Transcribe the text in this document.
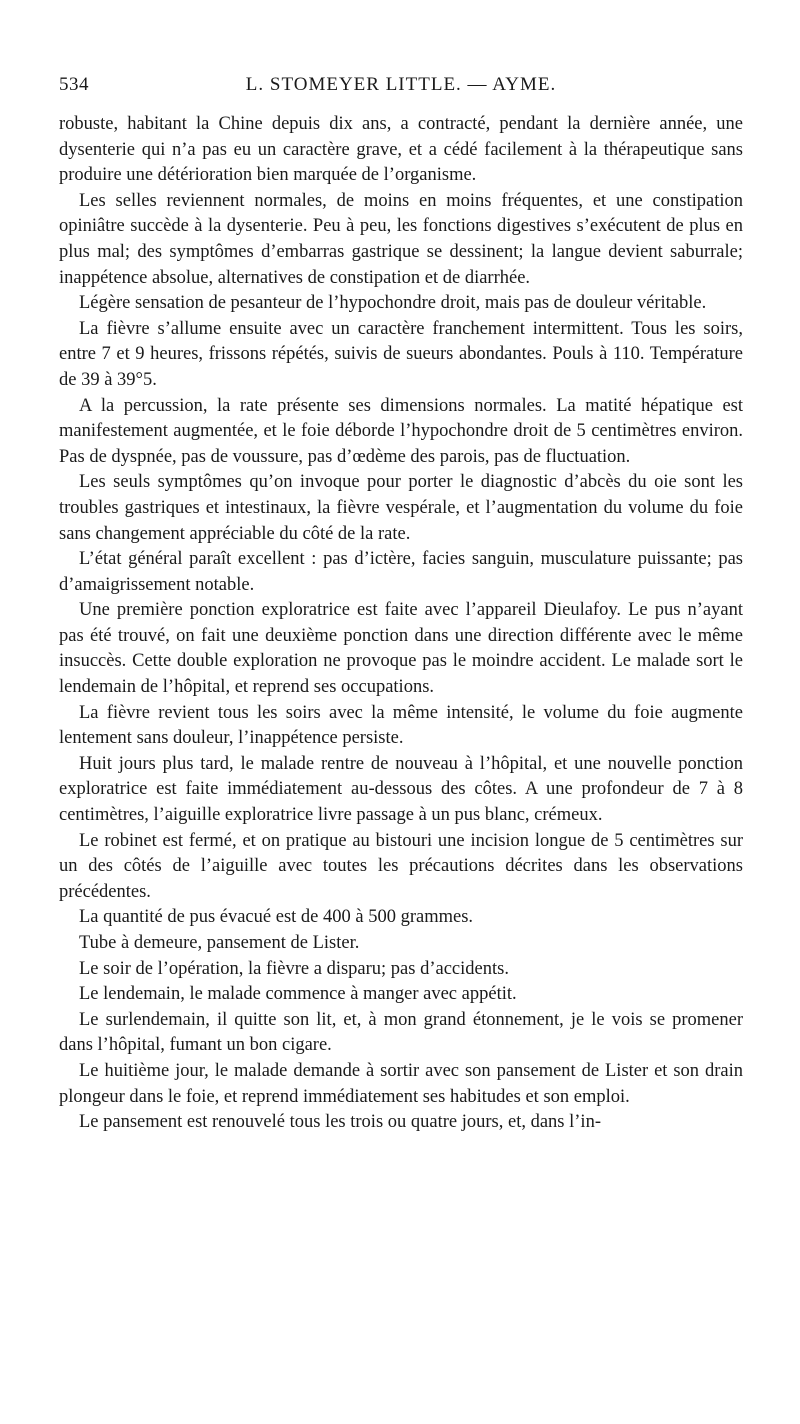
534	L. STOMEYER LITTLE. — AYME.

robuste, habitant la Chine depuis dix ans, a contracté, pendant la dernière année, une dysenterie qui n’a pas eu un caractère grave, et a cédé facilement à la thérapeutique sans produire une détérioration bien marquée de l’organisme.

Les selles reviennent normales, de moins en moins fréquentes, et une constipation opiniâtre succède à la dysenterie. Peu à peu, les fonctions digestives s’exécutent de plus en plus mal; des symptômes d’embarras gastrique se dessinent; la langue devient saburrale; inappétence absolue, alternatives de constipation et de diarrhée.

Légère sensation de pesanteur de l’hypochondre droit, mais pas de douleur véritable.

La fièvre s’allume ensuite avec un caractère franchement intermittent. Tous les soirs, entre 7 et 9 heures, frissons répétés, suivis de sueurs abondantes. Pouls à 110. Température de 39 à 39°5.

A la percussion, la rate présente ses dimensions normales. La matité hépatique est manifestement augmentée, et le foie déborde l’hypochondre droit de 5 centimètres environ. Pas de dyspnée, pas de voussure, pas d’œdème des parois, pas de fluctuation.

Les seuls symptômes qu’on invoque pour porter le diagnostic d’abcès du oie sont les troubles gastriques et intestinaux, la fièvre vespérale, et l’augmentation du volume du foie sans changement appréciable du côté de la rate.

L’état général paraît excellent : pas d’ictère, facies sanguin, musculature puissante; pas d’amaigrissement notable.

Une première ponction exploratrice est faite avec l’appareil Dieulafoy. Le pus n’ayant pas été trouvé, on fait une deuxième ponction dans une direction différente avec le même insuccès. Cette double exploration ne provoque pas le moindre accident. Le malade sort le lendemain de l’hôpital, et reprend ses occupations.

La fièvre revient tous les soirs avec la même intensité, le volume du foie augmente lentement sans douleur, l’inappétence persiste.

Huit jours plus tard, le malade rentre de nouveau à l’hôpital, et une nouvelle ponction exploratrice est faite immédiatement au-dessous des côtes. A une profondeur de 7 à 8 centimètres, l’aiguille exploratrice livre passage à un pus blanc, crémeux.

Le robinet est fermé, et on pratique au bistouri une incision longue de 5 centimètres sur un des côtés de l’aiguille avec toutes les précautions décrites dans les observations précédentes.

La quantité de pus évacué est de 400 à 500 grammes.

Tube à demeure, pansement de Lister.

Le soir de l’opération, la fièvre a disparu; pas d’accidents.

Le lendemain, le malade commence à manger avec appétit.

Le surlendemain, il quitte son lit, et, à mon grand étonnement, je le vois se promener dans l’hôpital, fumant un bon cigare.

Le huitième jour, le malade demande à sortir avec son pansement de Lister et son drain plongeur dans le foie, et reprend immédiatement ses habitudes et son emploi.

Le pansement est renouvelé tous les trois ou quatre jours, et, dans l’in-
